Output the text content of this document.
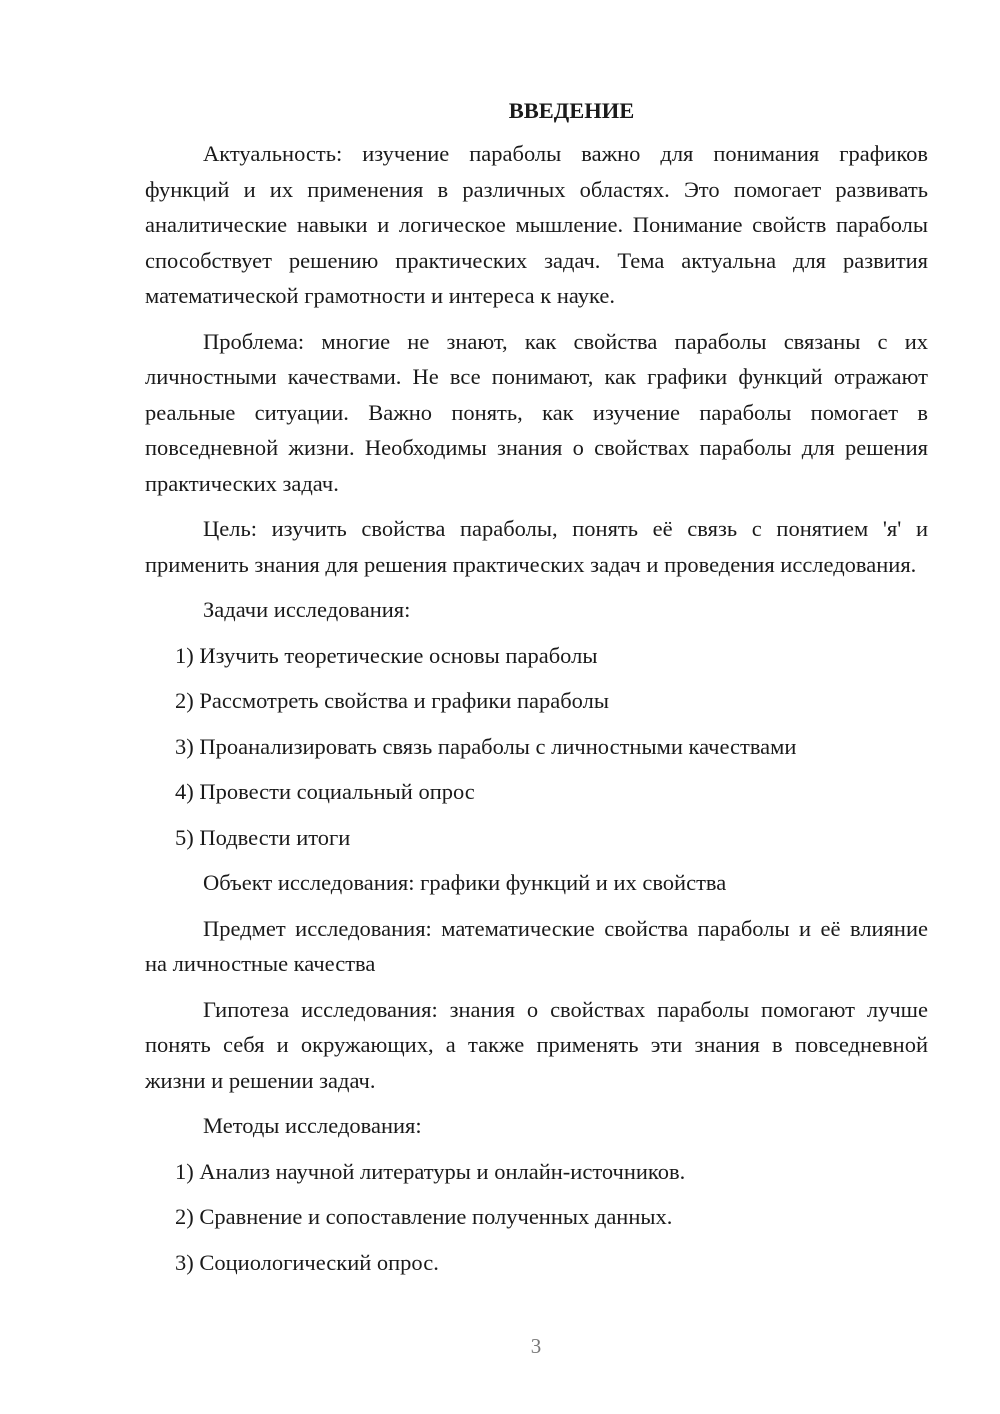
ВВЕДЕНИЕ

Актуальность: изучение параболы важно для понимания графиков функций и их применения в различных областях. Это помогает развивать аналитические навыки и логическое мышление. Понимание свойств параболы способствует решению практических задач. Тема актуальна для развития математической грамотности и интереса к науке.

Проблема: многие не знают, как свойства параболы связаны с их личностными качествами. Не все понимают, как графики функций отражают реальные ситуации. Важно понять, как изучение параболы помогает в повседневной жизни. Необходимы знания о свойствах параболы для решения практических задач.

Цель: изучить свойства параболы, понять её связь с понятием 'я' и применить знания для решения практических задач и проведения исследования.

Задачи исследования:

1) Изучить теоретические основы параболы

2) Рассмотреть свойства и графики параболы

3) Проанализировать связь параболы с личностными качествами

4) Провести социальный опрос

5) Подвести итоги

Объект исследования: графики функций и их свойства

Предмет исследования: математические свойства параболы и её влияние на личностные качества

Гипотеза исследования: знания о свойствах параболы помогают лучше понять себя и окружающих, а также применять эти знания в повседневной жизни и решении задач.

Методы исследования:

1) Анализ научной литературы и онлайн-источников.

2) Сравнение и сопоставление полученных данных.

3) Социологический опрос.

3
